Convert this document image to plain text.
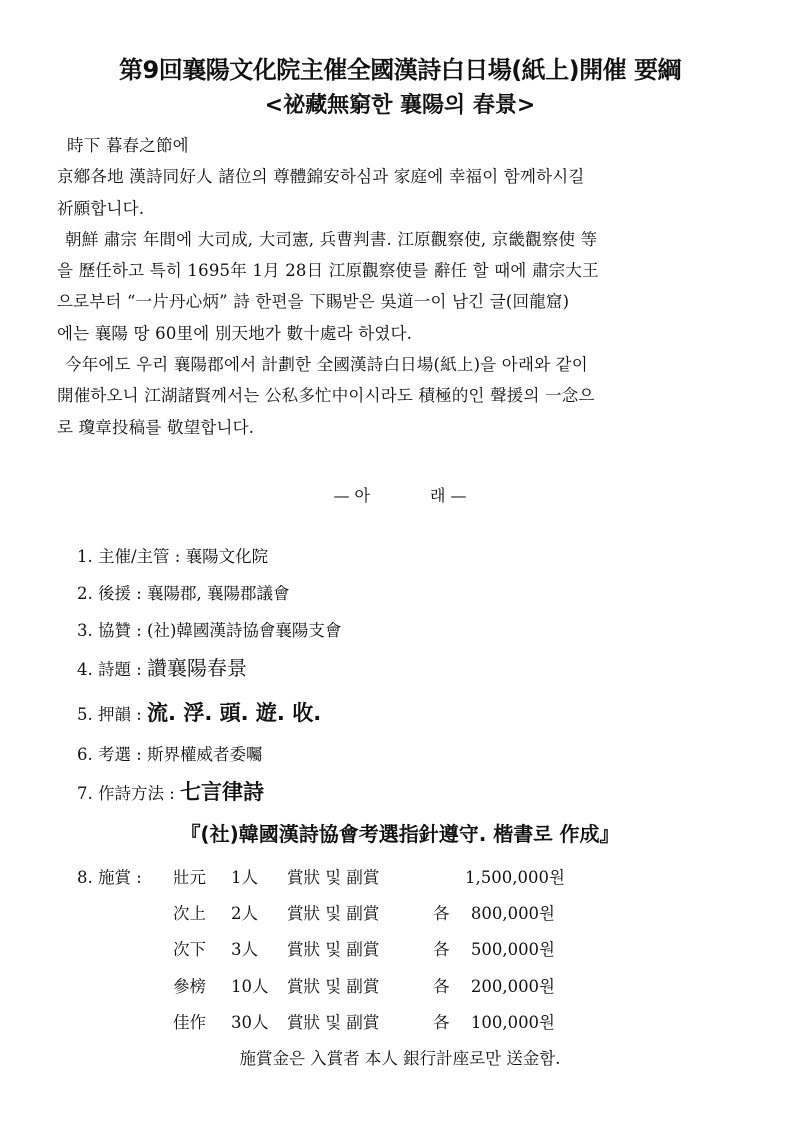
第9回襄陽文化院主催全國漢詩白日場(紙上)開催 要綱
<祕藏無窮한 襄陽의 春景>

時下 暮春之節에

京鄕各地 漢詩同好人 諸位의 尊體錦安하심과 家庭에 幸福이 함께하시길

祈願합니다.

朝鮮 肅宗 年間에 大司成, 大司憲, 兵曹判書. 江原觀察使, 京畿觀察使 等

을 歷任하고 특히 1695年 1月 28日 江原觀察使를 辭任 할 때에 肅宗大王

으로부터 “一片丹心炳” 詩 한편을 下賜받은 吳道一이 남긴 글(回龍窟)

에는 襄陽 땅 60里에 別天地가 數十處라 하였다.

今年에도 우리 襄陽郡에서 計劃한 全國漢詩白日場(紙上)을 아래와 같이

開催하오니 江湖諸賢께서는 公私多忙中이시라도 積極的인 聲援의 一念으

로 瓊章投稿를 敬望합니다.

— 아	래 —
1. 主催/主管 : 襄陽文化院
2. 後援 : 襄陽郡, 襄陽郡議會
3. 協贊 : (社)韓國漢詩協會襄陽支會
4. 詩題 : 讚襄陽春景
5. 押韻 : 流. 浮. 頭. 遊. 收.
6. 考選 : 斯界權威者委囑
7. 作詩方法 : 七言律詩
『(社)韓國漢詩協會考選指針遵守. 楷書로 作成』
8. 施賞 : 壯元 1人 賞狀 및 副賞	1,500,000원
次上 2人 賞狀 및 副賞	各 800,000원
次下 3人 賞狀 및 副賞	各 500,000원
參榜 10人 賞狀 및 副賞	各 200,000원
佳作 30人 賞狀 및 副賞	各 100,000원
施賞金은 入賞者 本人 銀行計座로만 送金함.
